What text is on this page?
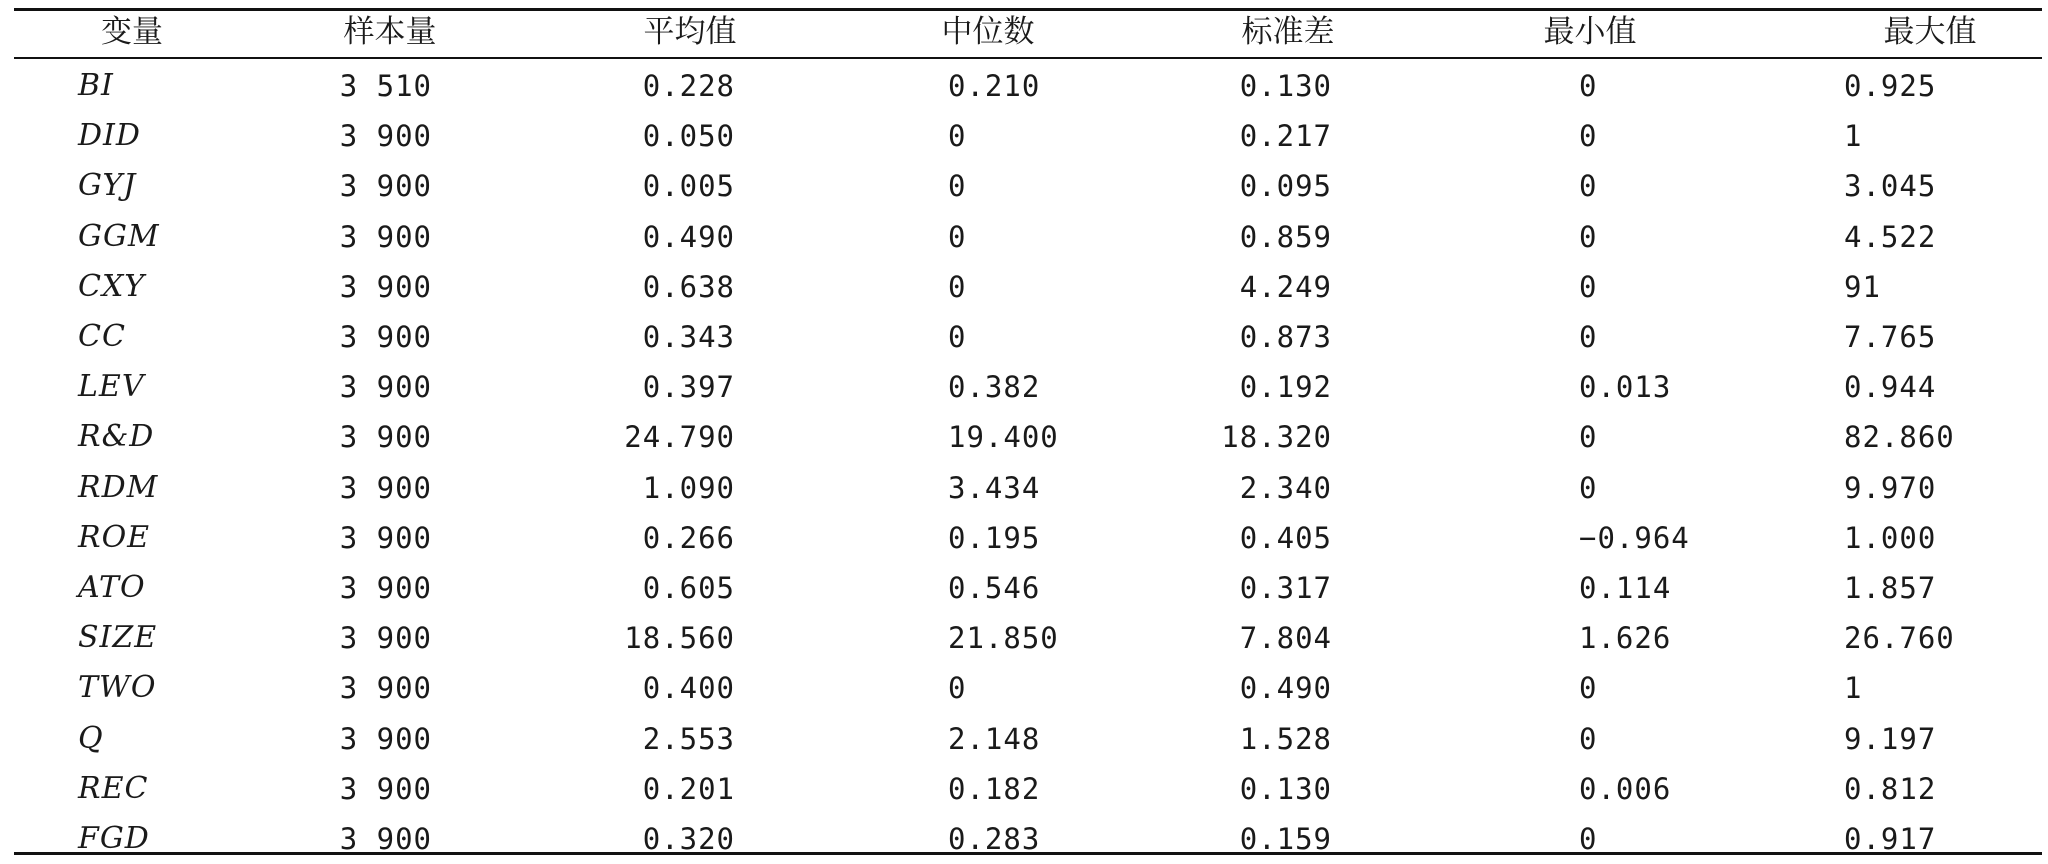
变量	样本量	平均值	中位数	标准差	最小值	最大值
BI	3 510	0.228	0.210	0.130	0	0.925
DID	3 900	0.050	0	0.217	0	1
GYJ	3 900	0.005	0	0.095	0	3.045
GGM	3 900	0.490	0	0.859	0	4.522
CXY	3 900	0.638	0	4.249	0	91
CC	3 900	0.343	0	0.873	0	7.765
LEV	3 900	0.397	0.382	0.192	0.013	0.944
R&D	3 900	24.790	19.400	18.320	0	82.860
RDM	3 900	1.090	3.434	2.340	0	9.970
ROE	3 900	0.266	0.195	0.405	−0.964	1.000
ATO	3 900	0.605	0.546	0.317	0.114	1.857
SIZE	3 900	18.560	21.850	7.804	1.626	26.760
TWO	3 900	0.400	0	0.490	0	1
Q	3 900	2.553	2.148	1.528	0	9.197
REC	3 900	0.201	0.182	0.130	0.006	0.812
FGD	3 900	0.320	0.283	0.159	0	0.917
